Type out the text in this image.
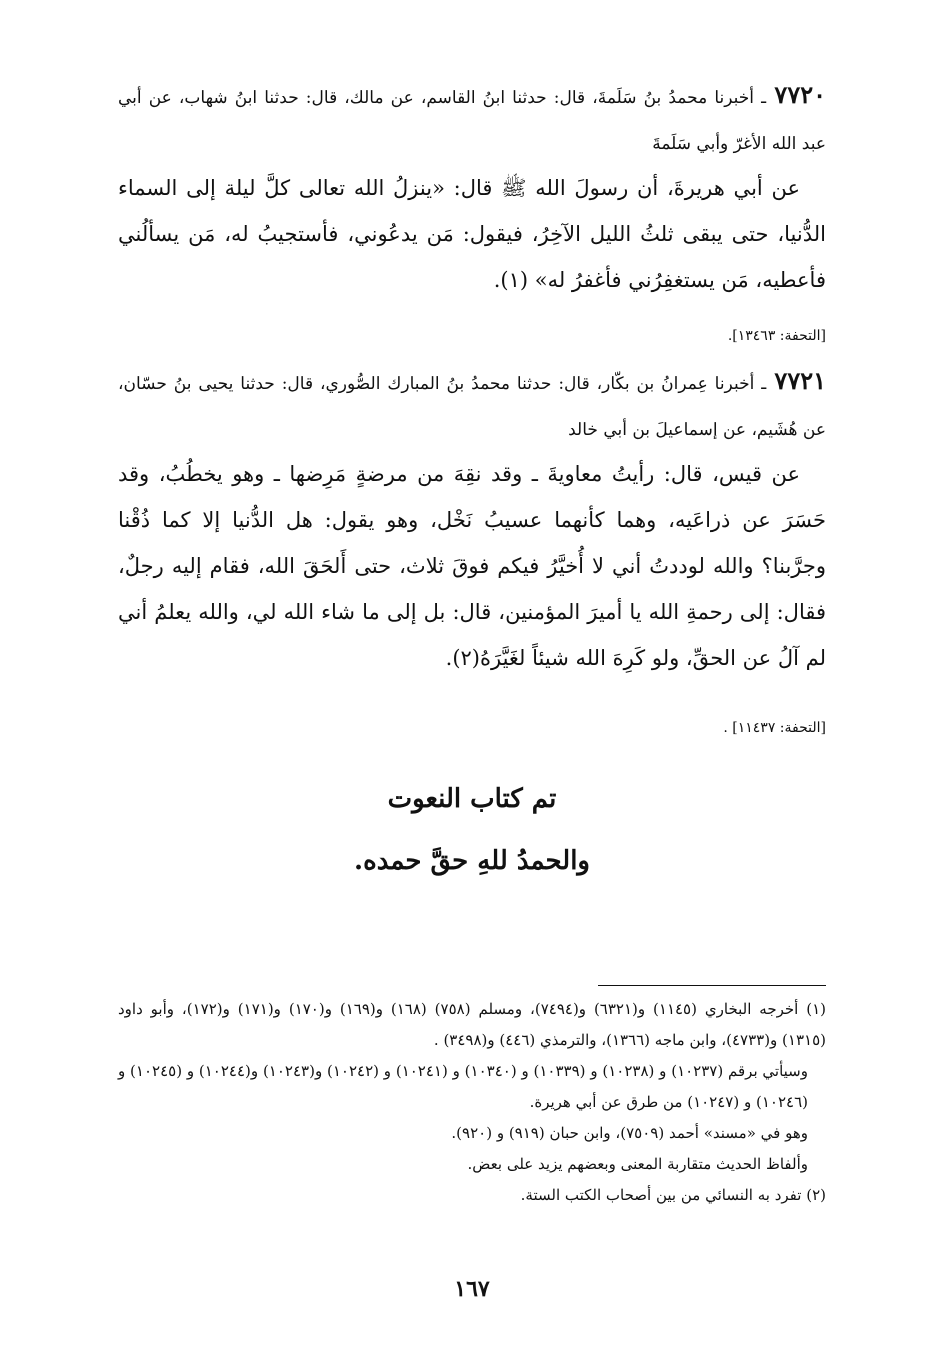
٧٧٢٠ ـ أخبرنا محمدُ بنُ سَلَمةَ، قال: حدثنا ابنُ القاسم، عن مالك، قال: حدثنا ابنُ شهاب، عن أبي عبد الله الأغرّ وأبي سَلَمةَ

عن أبي هريرةَ، أن رسولَ الله ﷺ قال: «ينزلُ الله تعالى كلَّ ليلة إلى السماء الدُّنيا، حتى يبقى ثلثُ الليل الآخِرُ، فيقول: مَن يدعُوني، فأستجيبُ له، مَن يسألُني فأعطيه، مَن يستغفِرُني فأغفرُ له» (١).

[التحفة: ١٣٤٦٣].

٧٧٢١ ـ أخبرنا عِمرانُ بن بكّار، قال: حدثنا محمدُ بنُ المبارك الصُّوري، قال: حدثنا يحيى بنُ حسّان، عن هُشَيم، عن إسماعيلَ بن أبي خالد

عن قيس، قال: رأيتُ معاويةَ ـ وقد نقِهَ من مرضةٍ مَرِضها ـ وهو يخطُبُ، وقد حَسَرَ عن ذراعَيه، وهما كأنهما عسيبُ نَخْل، وهو يقول: هل الدُّنيا إلا كما ذُقْنا وجرَّبنا؟ والله لوددتُ أني لا أُخيَّرُ فيكم فوقَ ثلاث، حتى أَلحَقَ الله، فقام إليه رجلٌ، فقال: إلى رحمةِ الله يا أميرَ المؤمنين، قال: بل إلى ما شاء الله لي، والله يعلمُ أني لم آلُ عن الحقِّ، ولو كَرِهَ الله شيئاً لغَيَّرَهُ(٢).

[التحفة: ١١٤٣٧] .
تم كتاب النعوت
والحمدُ للهِ حقَّ حمده.

(١) أخرجه البخاري (١١٤٥) و(٦٣٢١) و(٧٤٩٤)، ومسلم (٧٥٨) (١٦٨) و(١٦٩) و(١٧٠) و(١٧١) و(١٧٢)، وأبو داود (١٣١٥) و(٤٧٣٣)، وابن ماجه (١٣٦٦)، والترمذي (٤٤٦) و(٣٤٩٨) .

وسيأتي برقم (١٠٢٣٧) و (١٠٢٣٨) و (١٠٣٣٩) و (١٠٣٤٠) و (١٠٢٤١) و (١٠٢٤٢) و(١٠٢٤٣) و(١٠٢٤٤) و (١٠٢٤٥) و (١٠٢٤٦) و (١٠٢٤٧) من طرق عن أبي هريرة.

وهو في «مسند» أحمد (٧٥٠٩)، وابن حبان (٩١٩) و (٩٢٠).

وألفاظ الحديث متقاربة المعنى وبعضهم يزيد على بعض.

(٢) تفرد به النسائي من بين أصحاب الكتب الستة.

١٦٧
